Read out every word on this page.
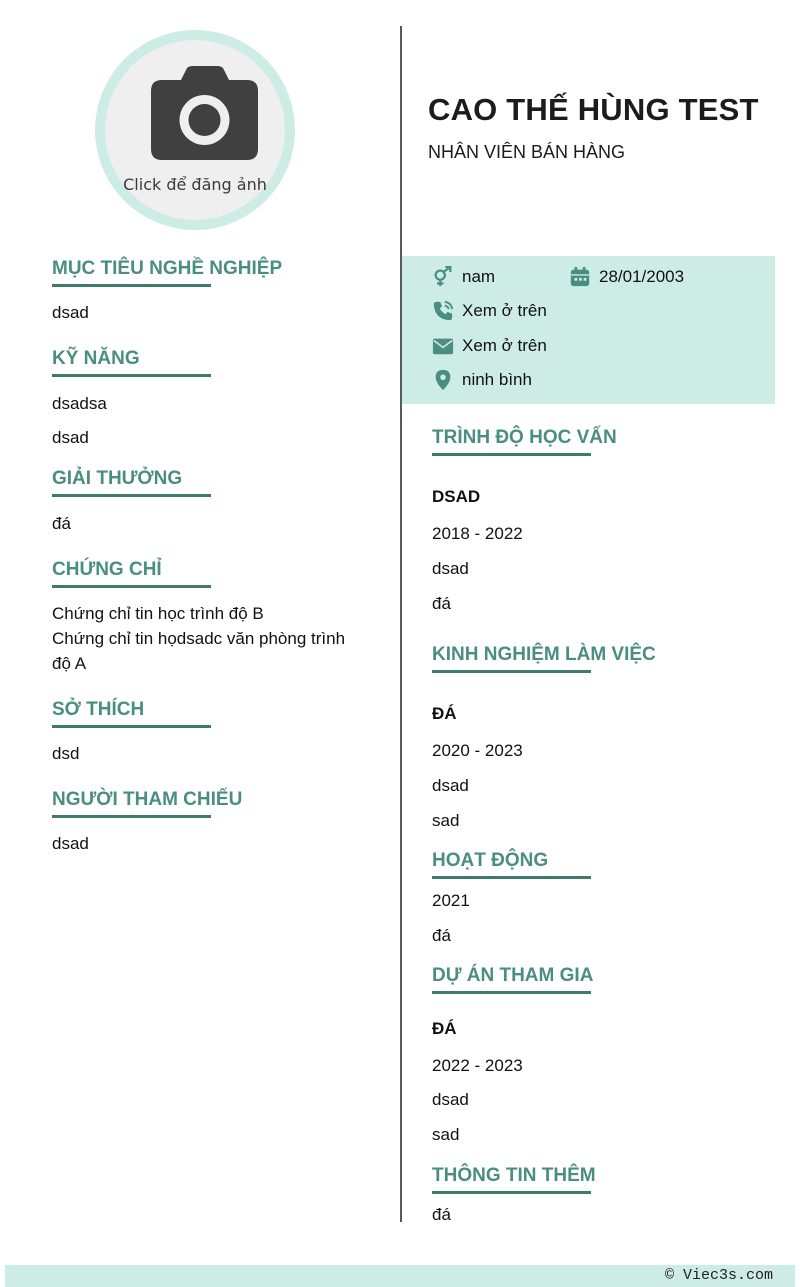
Click để đăng ảnh
CAO THẾ HÙNG TEST
NHÂN VIÊN BÁN HÀNG
nam	28/01/2003
Xem ở trên
Xem ở trên
ninh bình
MỤC TIÊU NGHỀ NGHIỆP
dsad
KỸ NĂNG
dsadsa
dsad
GIẢI THƯỞNG
đá
CHỨNG CHỈ
Chứng chỉ tin học trình độ B
Chứng chỉ tin họdsadc văn phòng trình độ A
SỞ THÍCH
dsd
NGƯỜI THAM CHIẾU
dsad
TRÌNH ĐỘ HỌC VẤN
DSAD
2018 - 2022
dsad
đá
KINH NGHIỆM LÀM VIỆC
ĐÁ
2020 - 2023
dsad
sad
HOẠT ĐỘNG
2021
đá
DỰ ÁN THAM GIA
ĐÁ
2022 - 2023
dsad
sad
THÔNG TIN THÊM
đá
© Viec3s.com
